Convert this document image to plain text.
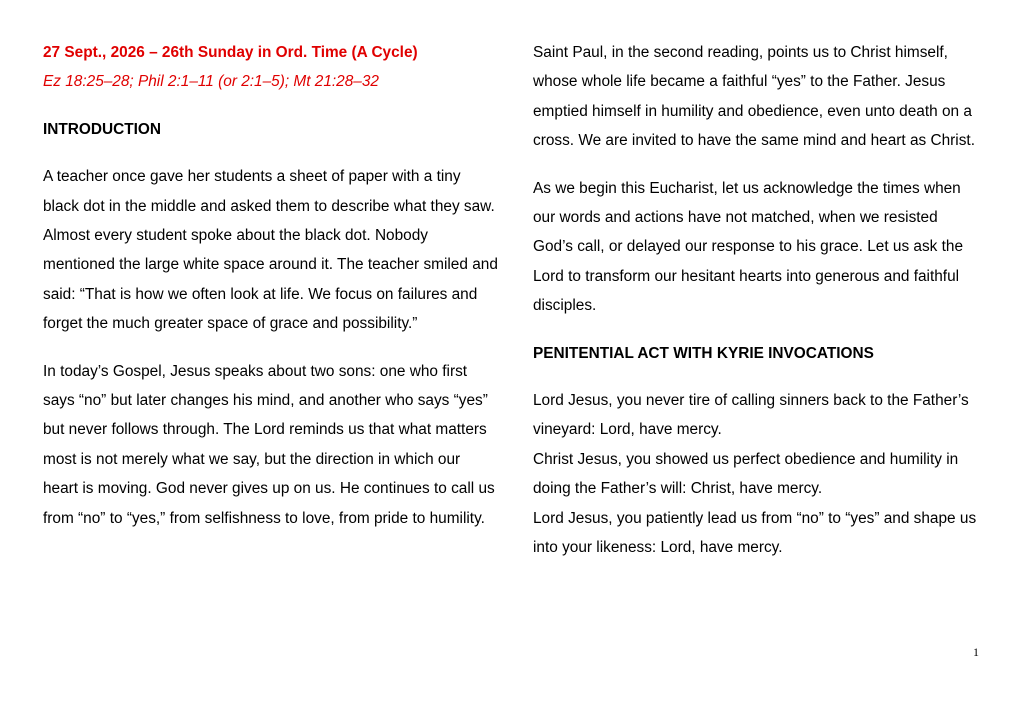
27 Sept., 2026 – 26th Sunday in Ord. Time (A Cycle)

Ez 18:25–28; Phil 2:1–11 (or 2:1–5); Mt 21:28–32

INTRODUCTION

A teacher once gave her students a sheet of paper with a tiny black dot in the middle and asked them to describe what they saw. Almost every student spoke about the black dot. Nobody mentioned the large white space around it. The teacher smiled and said: “That is how we often look at life. We focus on failures and forget the much greater space of grace and possibility.”

In today’s Gospel, Jesus speaks about two sons: one who first says “no” but later changes his mind, and another who says “yes” but never follows through. The Lord reminds us that what matters most is not merely what we say, but the direction in which our heart is moving. God never gives up on us. He continues to call us from “no” to “yes,” from selfishness to love, from pride to humility.

Saint Paul, in the second reading, points us to Christ himself, whose whole life became a faithful “yes” to the Father. Jesus emptied himself in humility and obedience, even unto death on a cross. We are invited to have the same mind and heart as Christ.

As we begin this Eucharist, let us acknowledge the times when our words and actions have not matched, when we resisted God’s call, or delayed our response to his grace. Let us ask the Lord to transform our hesitant hearts into generous and faithful disciples.

PENITENTIAL ACT WITH KYRIE INVOCATIONS

Lord Jesus, you never tire of calling sinners back to the Father’s vineyard: Lord, have mercy.

Christ Jesus, you showed us perfect obedience and humility in doing the Father’s will: Christ, have mercy.

Lord Jesus, you patiently lead us from “no” to “yes” and shape us into your likeness: Lord, have mercy.

1
